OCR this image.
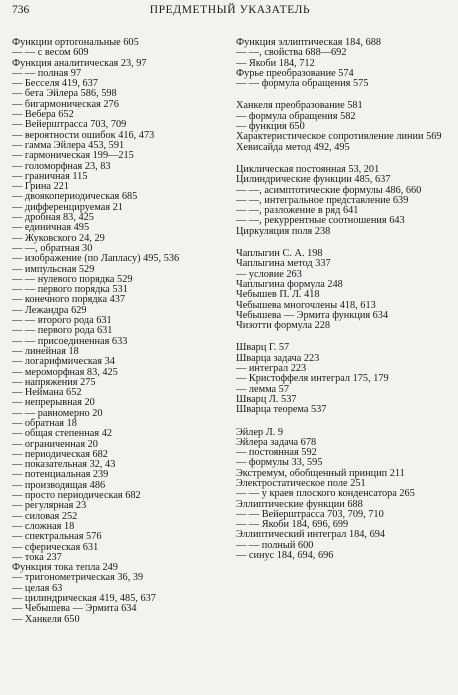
736	ПРЕДМЕТНЫЙ УКАЗАТЕЛЬ
Функции ортогональные 605
— — с весом 609
Функция аналитическая 23, 97
— — полная 97
— Бесселя 419, 637
— бета Эйлера 586, 598
— бигармоническая 276
— Вебера 652
— Вейерштрасса 703, 709
— вероятности ошибок 416, 473
— гамма Эйлера 453, 591
— гармоническая 199—215
— голоморфная 23, 83
— граничная 115
— Грина 221
— двоякопериодическая 685
— дифференцируемая 21
— дробная 83, 425
— единичная 495
— Жуковского 24, 29
— —, обратная 30
— изображение (по Лапласу) 495, 536
— импульсная 529
— — нулевого порядка 529
— — первого порядка 531
— конечного порядка 437
— Лежандра 629
— — второго рода 631
— — первого рода 631
— — присоединенная 633
— линейная 18
— логарифмическая 34
— мероморфная 83, 425
— напряжения 275
— Неймана 652
— непрерывная 20
— — равномерно 20
— обратная 18
— общая степенная 42
— ограниченная 20
— периодическая 682
— показательная 32, 43
— потенциальная 239
— производящая 486
— просто периодическая 682
— регулярная 23
— силовая 252
— сложная 18
— спектральная 576
— сферическая 631
— тока 237
Функция тока тепла 249
— тригонометрическая 36, 39
— целая 63
— цилиндрическая 419, 485, 637
— Чебышева — Эрмита 634
— Ханкеля 650
Функция эллиптическая 184, 688
— —, свойства 688—692
— Якоби 184, 712
Фурье преобразование 574
— — формула обращения 575
Ханкеля преобразование 581
— формула обращения 582
— функция 650
Характеристическое сопротивление линии 569
Хевисайда метод 492, 495
Циклическая постоянная 53, 201
Цилиндрические функции 485, 637
— —, асимптотические формулы 486, 660
— —, интегральное представление 639
— —, разложение в ряд 641
— —, рекуррентные соотношения 643
Циркуляция поля 238
Чаплыгин С. А. 198
Чаплыгина метод 337
— условие 263
Чаплыгина формула 248
Чебышев П. Л. 418
Чебышева многочлены 418, 613
Чебышева — Эрмита функция 634
Чизотти формула 228
Шварц Г. 57
Шварца задача 223
— интеграл 223
— Кристоффеля интеграл 175, 179
— лемма 57
Шварц Л. 537
Шварца теорема 537
Эйлер Л. 9
Эйлера задача 678
— постоянная 592
— формулы 33, 595
Экстремум, обобщенный принцип 211
Электростатическое поле 251
— — у краев плоского конденсатора 265
Эллиптические функции 688
— — Вейерштрасса 703, 709, 710
— — Якоби 184, 696, 699
Эллиптический интеграл 184, 694
— — полный 600
— синус 184, 694, 696
